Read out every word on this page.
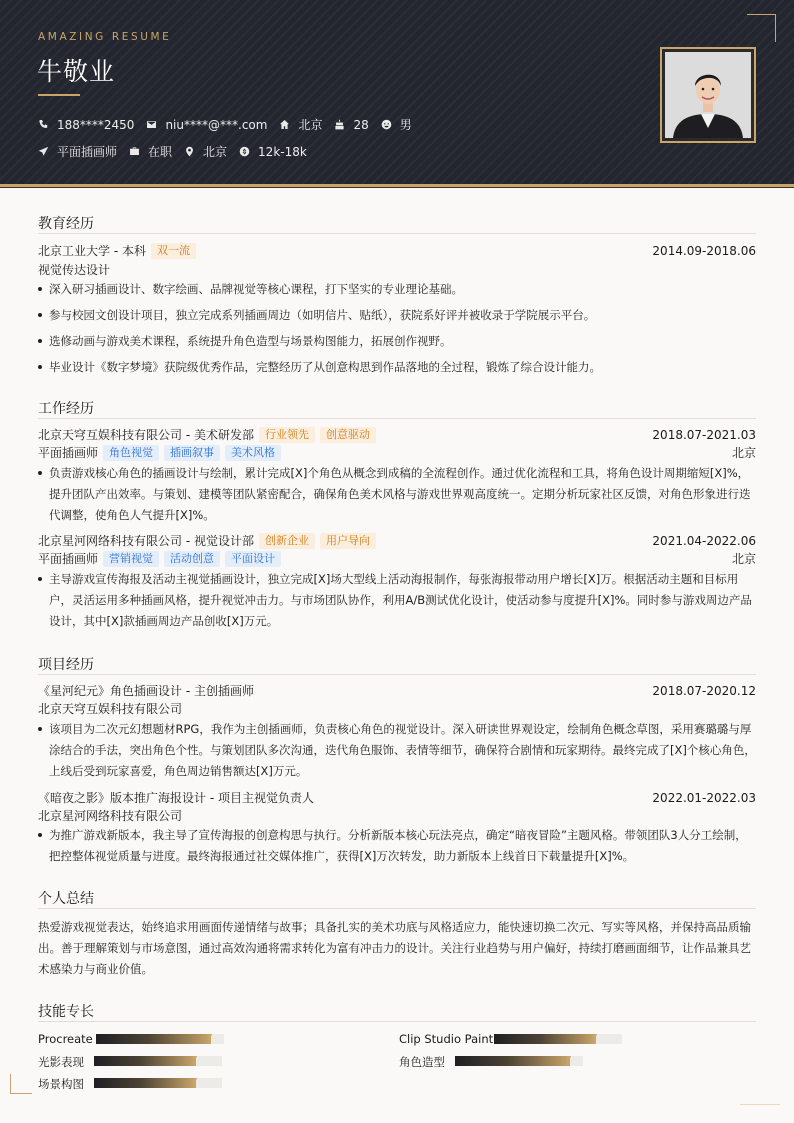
AMAZING RESUME
牛敬业
188****2450	niu****@***.com	北京	28	男
平面插画师	在职	北京	12k-18k
教育经历
北京工业大学 - 本科	双一流	2014.09-2018.06
视觉传达设计
深入研习插画设计、数字绘画、品牌视觉等核心课程，打下坚实的专业理论基础。
参与校园文创设计项目，独立完成系列插画周边（如明信片、贴纸），获院系好评并被收录于学院展示平台。
选修动画与游戏美术课程，系统提升角色造型与场景构图能力，拓展创作视野。
毕业设计《数字梦境》获院级优秀作品，完整经历了从创意构思到作品落地的全过程，锻炼了综合设计能力。
工作经历
北京天穹互娱科技有限公司 - 美术研发部	行业领先	创意驱动	2018.07-2021.03
平面插画师	角色视觉	插画叙事	美术风格	北京
负责游戏核心角色的插画设计与绘制，累计完成[X]个角色从概念到成稿的全流程创作。通过优化流程和工具，将角色设计周期缩短[X]%，提升团队产出效率。与策划、建模等团队紧密配合，确保角色美术风格与游戏世界观高度统一。定期分析玩家社区反馈，对角色形象进行迭代调整，使角色人气提升[X]%。
北京星河网络科技有限公司 - 视觉设计部	创新企业	用户导向	2021.04-2022.06
平面插画师	营销视觉	活动创意	平面设计	北京
主导游戏宣传海报及活动主视觉插画设计，独立完成[X]场大型线上活动海报制作，每张海报带动用户增长[X]万。根据活动主题和目标用户，灵活运用多种插画风格，提升视觉冲击力。与市场团队协作，利用A/B测试优化设计，使活动参与度提升[X]%。同时参与游戏周边产品设计，其中[X]款插画周边产品创收[X]万元。
项目经历
《星河纪元》角色插画设计 - 主创插画师	2018.07-2020.12
北京天穹互娱科技有限公司
该项目为二次元幻想题材RPG，我作为主创插画师，负责核心角色的视觉设计。深入研读世界观设定，绘制角色概念草图，采用赛璐璐与厚涂结合的手法，突出角色个性。与策划团队多次沟通，迭代角色服饰、表情等细节，确保符合剧情和玩家期待。最终完成了[X]个核心角色，上线后受到玩家喜爱，角色周边销售额达[X]万元。
《暗夜之影》版本推广海报设计 - 项目主视觉负责人	2022.01-2022.03
北京星河网络科技有限公司
为推广游戏新版本，我主导了宣传海报的创意构思与执行。分析新版本核心玩法亮点，确定“暗夜冒险”主题风格。带领团队3人分工绘制，把控整体视觉质量与进度。最终海报通过社交媒体推广，获得[X]万次转发，助力新版本上线首日下载量提升[X]%。
个人总结
热爱游戏视觉表达，始终追求用画面传递情绪与故事；具备扎实的美术功底与风格适应力，能快速切换二次元、写实等风格，并保持高品质输出。善于理解策划与市场意图，通过高效沟通将需求转化为富有冲击力的设计。关注行业趋势与用户偏好，持续打磨画面细节，让作品兼具艺术感染力与商业价值。
技能专长
Procreate	Clip Studio Paint
光影表现	角色造型
场景构图
